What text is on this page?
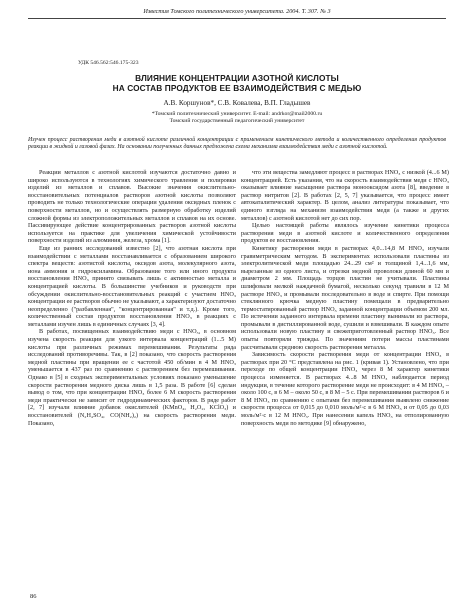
Известия Томского политехнического университета. 2004. Т. 307. № 3
УДК 546.562:546.175-323
ВЛИЯНИЕ КОНЦЕНТРАЦИИ АЗОТНОЙ КИСЛОТЫ
НА СОСТАВ ПРОДУКТОВ ЕЕ ВЗАИМОДЕЙСТВИЯ С МЕДЬЮ
А.В. Коршунов*, С.В. Ковалева, В.П. Гладышев
*Томский политехнический университет. E-mail: andrkor@mail2000.ru
Томский государственный педагогический университет
Изучен процесс растворения меди в азотной кислоте различной концентрации с применением кинетического метода и количественного определения продуктов реакции в жидкой и газовой фазах. На основании полученных данных предложена схема механизма взаимодействия меди с азотной кислотой.

Реакции металлов с азотной кислотой изучаются достаточно давно и широко используются в технологиях химического травления и полировки изделий из металлов и сплавов. Высокие значения окислительно-восстановительных потенциалов растворов азотной кислоты позволяют проводить не только технологические операции удаления оксидных пленок с поверхности металлов, но и осуществлять размерную обработку изделий сложной формы из электроположительных металлов и сплавов на их основе. Пассивирующее действие концентрированных растворов азотной кислоты используется на практике для увеличения химической устойчивости поверхности изделий из алюминия, железа, хрома [1].

Еще из ранних исследований известно [2], что азотная кислота при взаимодействии с металлами восстанавливается с образованием широкого спектра веществ: азотистой кислоты, оксидов азота, молекулярного азота, иона аммония и гидроксиламина. Образование того или иного продукта восстановления HNO₃ принято связывать лишь с активностью металла и концентрацией кислоты. В большинстве учебников и руководств при обсуждении окислительно-восстановительных реакций с участием HNO₃ концентрации ее растворов обычно не указывают, а характеризуют достаточно неопределенно ("разбавленная", "концентрированная" и т.д.). Кроме того, количественный состав продуктов восстановления HNO₃ в реакциях с металлами изучен лишь в единичных случаях [3, 4].

В работах, посвященных взаимодействию меди с HNO₃, в основном изучена скорость реакции для узкого интервала концентраций (1...5 М) кислоты при различных режимах перемешивания. Результаты ряда исследований противоречивы. Так, в [2] показано, что скорость растворения медной пластины при вращении ее с частотой 450 об/мин в 4 М HNO₃ уменьшается в 437 раз по сравнению с растворением без перемешивания. Однако в [5] в сходных экспериментальных условиях показано уменьшение скорости растворения медного диска лишь в 1,5 раза. В работе [6] сделан вывод о том, что при концентрации HNO₃ более 6 М скорость растворения меди практически не зависит от гидродинамических факторов. В ряде работ [2, 7] изучали влияние добавок окислителей (KMnO₄, H₂O₂, KClO₃) и восстановителей (N₂H₄SO₄, CO(NH₂)₂) на скорость растворения меди. Показано,

что эти вещества замедляют процесс в растворах HNO₃ с низкой (4...6 М) концентрацией. Есть указания, что на скорость взаимодействия меди с HNO₃ оказывает влияние насыщение раствора монооксидом азота [8], введение в раствор нитритов [2]. В работах [2, 5, 7] указывается, что процесс имеет автокаталитический характер. В целом, анализ литературы показывает, что единого взгляда на механизм взаимодействия меди (а также и других металлов) с азотной кислотой нет до сих пор.

Целью настоящей работы являлось изучение кинетики процесса растворения меди в азотной кислоте и количественного определения продуктов ее восстановления.

Кинетику растворения меди в растворах 4,0...14,8 М HNO₃ изучали гравиметрическим методом. В экспериментах использовали пластины из электролитической меди площадью 24...29 см² и толщиной 1,4...1,6 мм, вырезанные из одного листа, и отрезки медной проволоки длиной 60 мм и диаметром 2 мм. Площадь торцов пластин не учитывали. Пластины шлифовали мелкой наждачной бумагой, несколько секунд травили в 12 М растворе HNO₃ и промывали последовательно в воде и спирте. При помощи стеклянного крючка медную пластину помещали в предварительно термостатированный раствор HNO₃ заданной концентрации объемом 200 мл. По истечении заданного интервала времени пластину вынимали из раствора, промывали в дистиллированной воде, сушили и взвешивали. В каждом опыте использовали новую пластину и свежеприготовленный раствор HNO₃. Все опыты повторяли трижды. По значениям потери массы пластинами рассчитывали среднюю скорость растворения металла.

Зависимость скорости растворения меди от концентрации HNO₃ в растворах при 20 °С представлена на рис. 1 (кривая 1). Установлено, что при переходе по общей концентрации HNO₃ через 8 М характер кинетики процесса изменяется. В растворах 4...8 М HNO₃ наблюдается период индукции, в течение которого растворение меди не происходит: в 4 М HNO₃ – около 100 с, в 6 М – около 50 с, в 8 М – 5 с. При перемешивании растворов 6 и 8 М HNO₃ по сравнению с опытами без перемешивания выявлено снижение скорости процесса от 0,015 до 0,010 моль/м²·с в 6 М HNO₃ и от 0,05 до 0,03 моль/м²·с в 12 М HNO₃. При нанесении капель HNO₃ на отполированную поверхность меди по методике [9] обнаружено,

86
